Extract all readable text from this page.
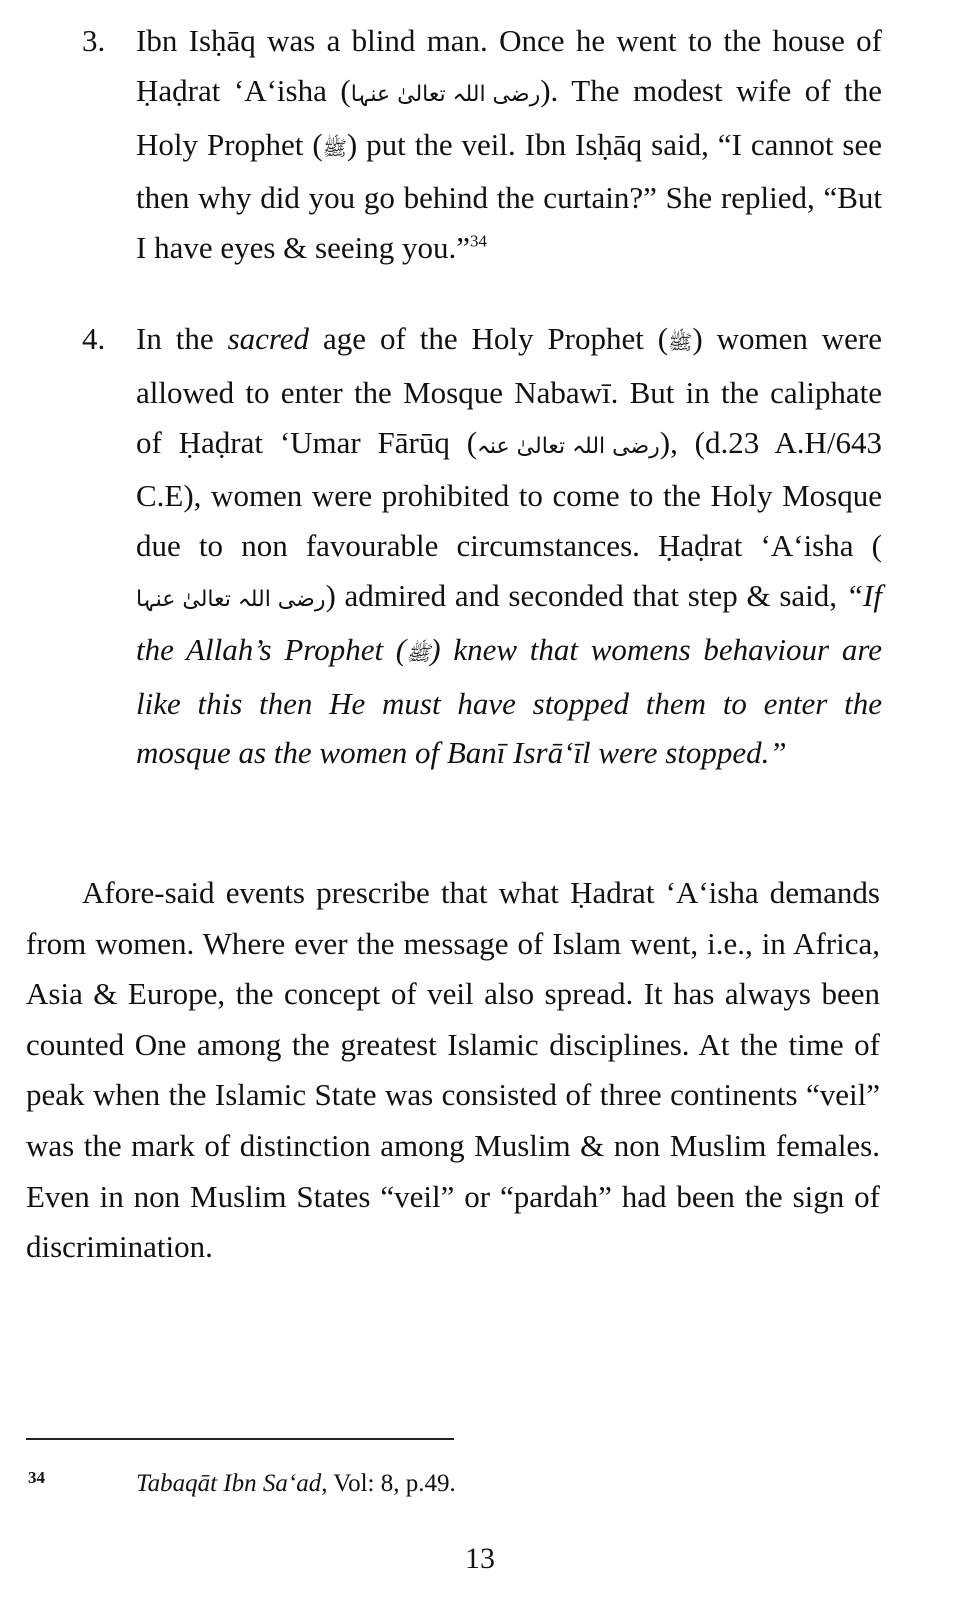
3. Ibn Isḥāq was a blind man. Once he went to the house of Ḥaḍrat ‘A‘isha (رضی اللہ تعالیٰ عنہا). The modest wife of the Holy Prophet (ﷺ) put the veil. Ibn Isḥāq said, “I cannot see then why did you go behind the curtain?” She replied, “But I have eyes & seeing you.”$^{34}$

4. In the sacred age of the Holy Prophet (ﷺ) women were allowed to enter the Mosque Nabawī. But in the caliphate of Ḥaḍrat ‘Umar Fārūq (رضی اللہ تعالیٰ عنہ), (d.23 A.H/643 C.E), women were prohibited to come to the Holy Mosque due to non favourable circumstances. Ḥaḍrat ‘A‘isha (رضی اللہ تعالیٰ عنہا) admired and seconded that step & said, “If the Allah’s Prophet (ﷺ) knew that womens behaviour are like this then He must have stopped them to enter the mosque as the women of Banī Isrā‘īl were stopped.”

Afore-said events prescribe that what Ḥadrat ‘A‘isha demands from women. Where ever the message of Islam went, i.e., in Africa, Asia & Europe, the concept of veil also spread. It has always been counted One among the greatest Islamic disciplines. At the time of peak when the Islamic State was consisted of three continents “veil” was the mark of distinction among Muslim & non Muslim females. Even in non Muslim States “veil” or “pardah” had been the sign of discrimination.

34	Tabaqāt Ibn Sa‘ad, Vol: 8, p.49.
13
